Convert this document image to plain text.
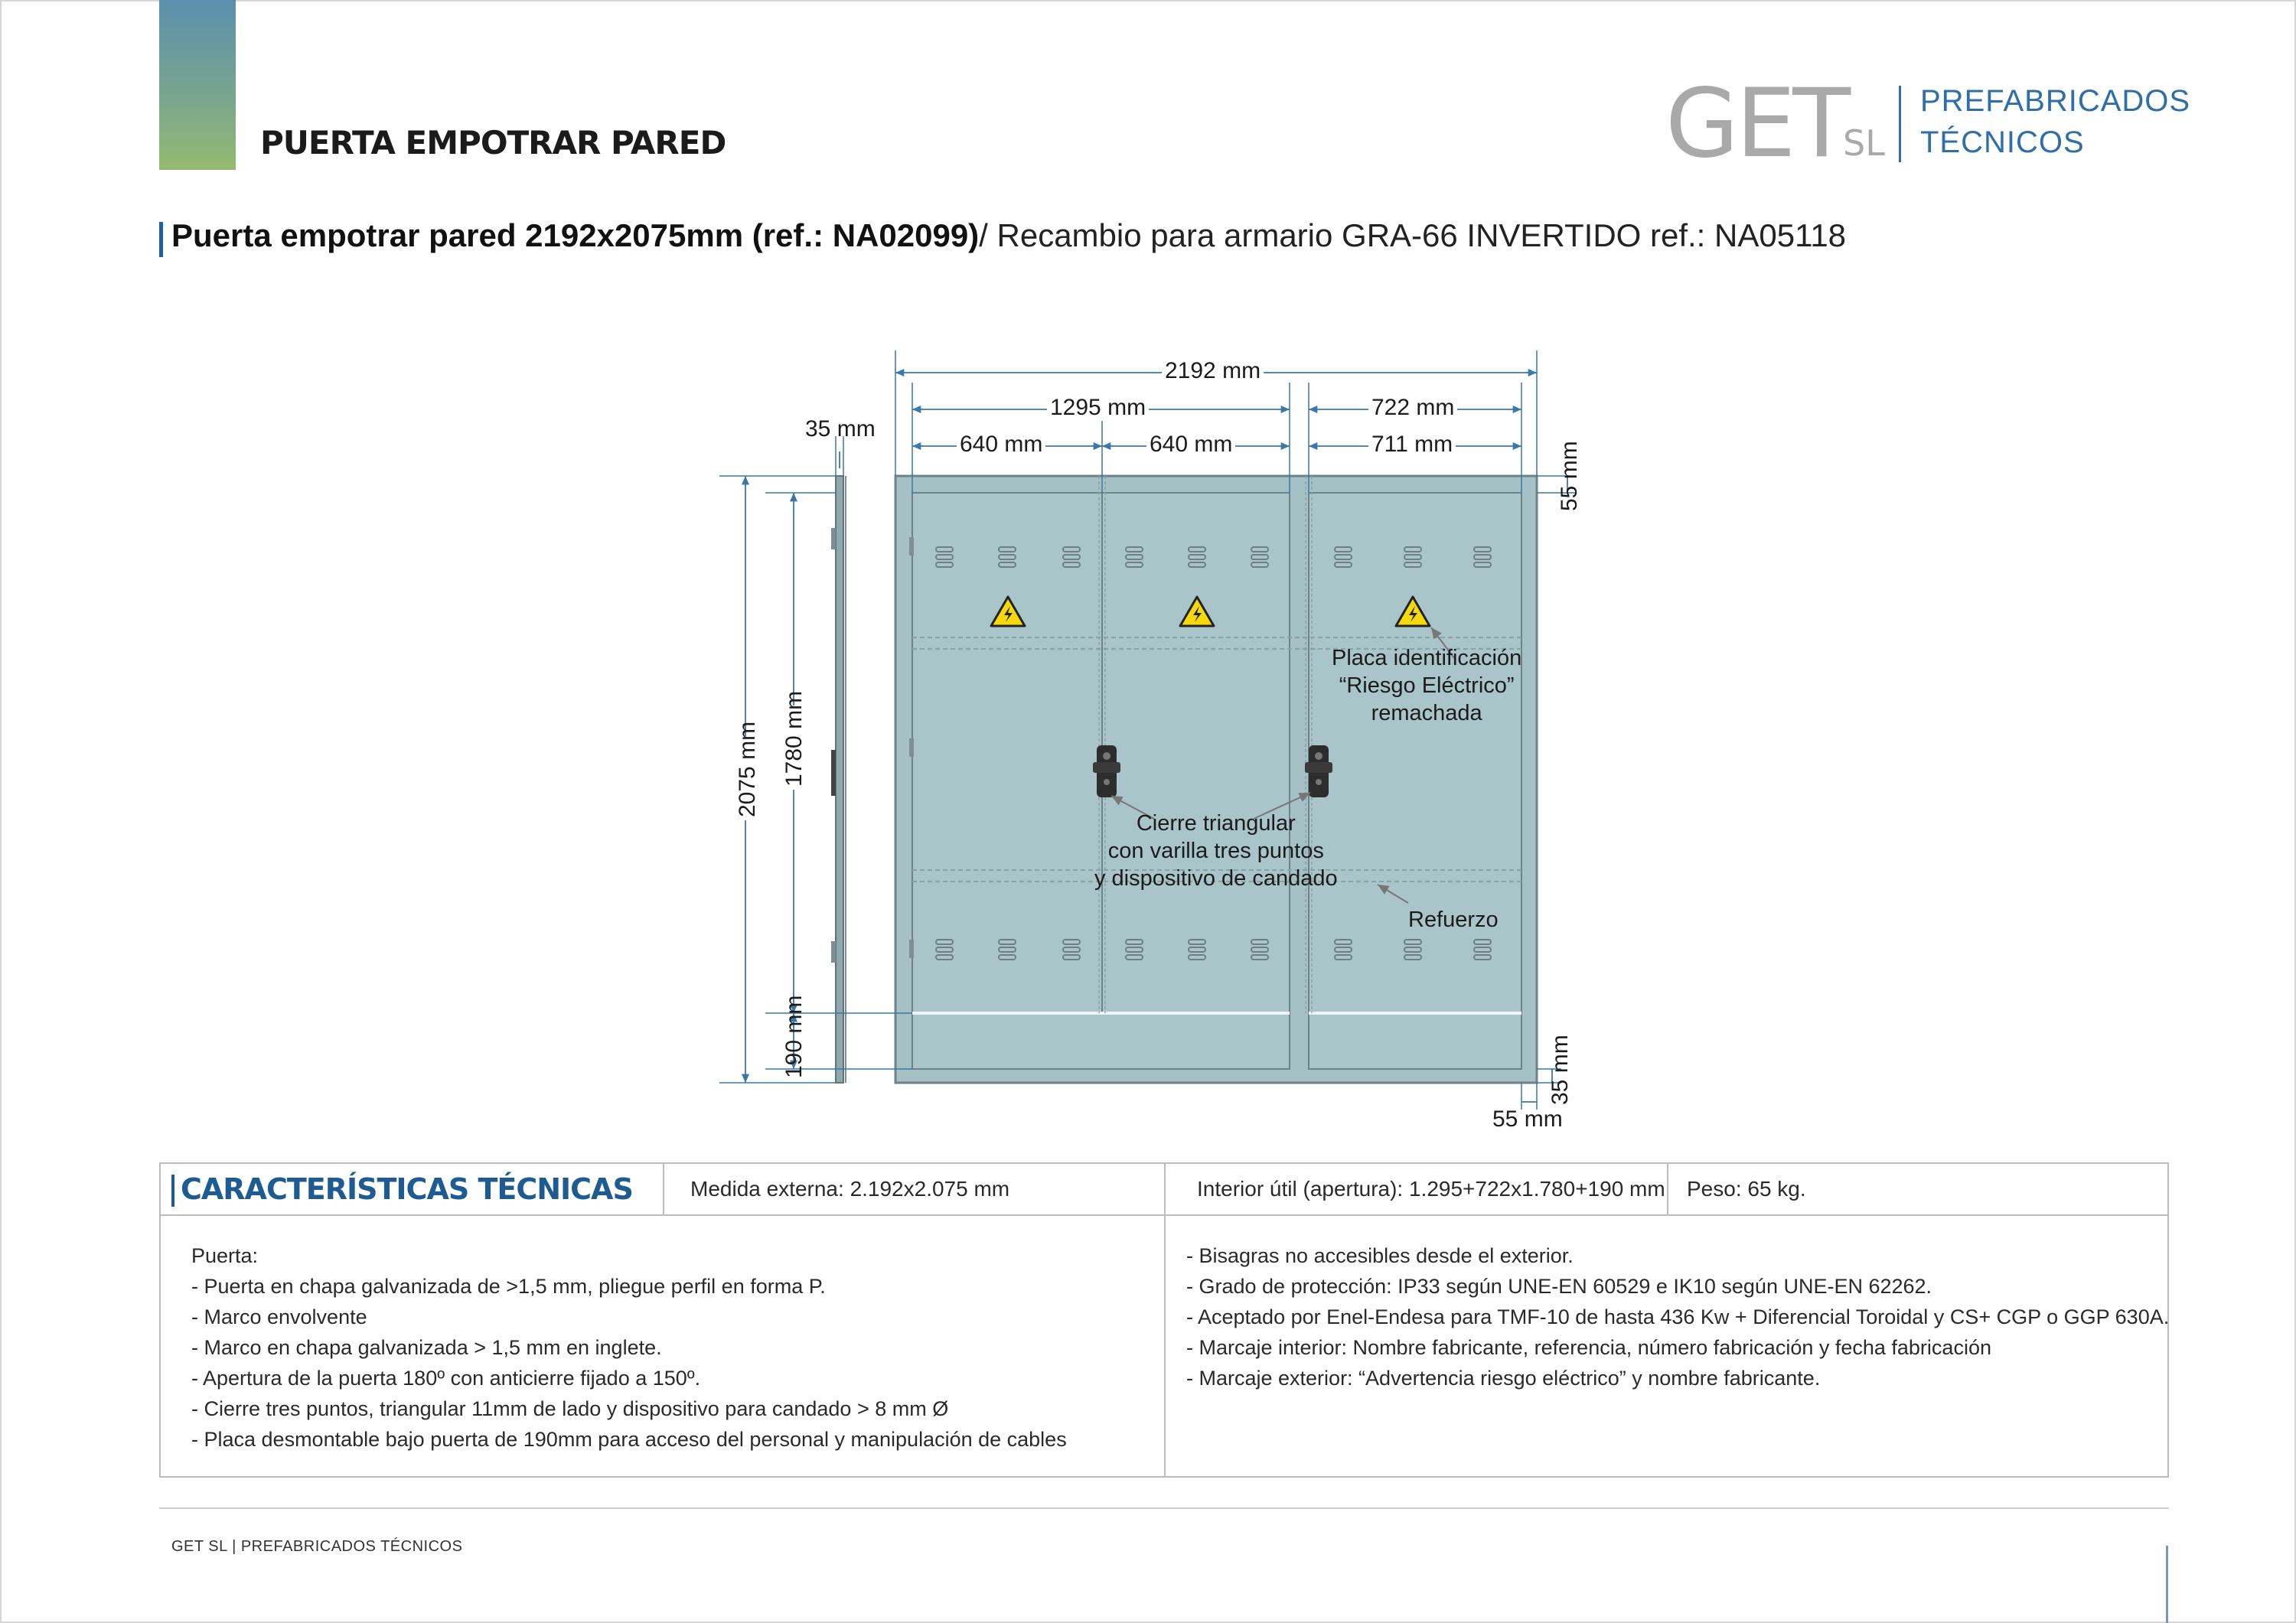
PUERTA EMPOTRAR PARED	GET
SL
PREFABRICADOS
TÉCNICOS
Puerta empotrar pared 2192x2075mm (ref.: NA02099)/ Recambio para armario GRA-66 INVERTIDO ref.: NA05118
2192 mm
1295 mm	722 mm
640 mm	640 mm	711 mm
35 mm
2075 mm 1780 mm
190 mm
55 mm
35 mm
55 mm
Placa identificación
“Riesgo Eléctrico”
remachada
Cierre triangular
con varilla tres puntos
y dispositivo de candado
Refuerzo
CARACTERÍSTICAS TÉCNICAS	Medida externa: 2.192x2.075 mm	Interior útil (apertura): 1.295+722x1.780+190 mm Peso: 65 kg.
Puerta:
- Puerta en chapa galvanizada de >1,5 mm, pliegue perfil en forma P.
- Marco envolvente
- Marco en chapa galvanizada > 1,5 mm en inglete.
- Apertura de la puerta 180º con anticierre fijado a 150º.
- Cierre tres puntos, triangular 11mm de lado y dispositivo para candado > 8 mm Ø
- Placa desmontable bajo puerta de 190mm para acceso del personal y manipulación de cables
- Bisagras no accesibles desde el exterior.
- Grado de protección: IP33 según UNE-EN 60529 e IK10 según UNE-EN 62262.
- Aceptado por Enel-Endesa para TMF-10 de hasta 436 Kw + Diferencial Toroidal y CS+ CGP o GGP 630A.
- Marcaje interior: Nombre fabricante, referencia, número fabricación y fecha fabricación
- Marcaje exterior: “Advertencia riesgo eléctrico” y nombre fabricante.
GET SL | PREFABRICADOS TÉCNICOS
